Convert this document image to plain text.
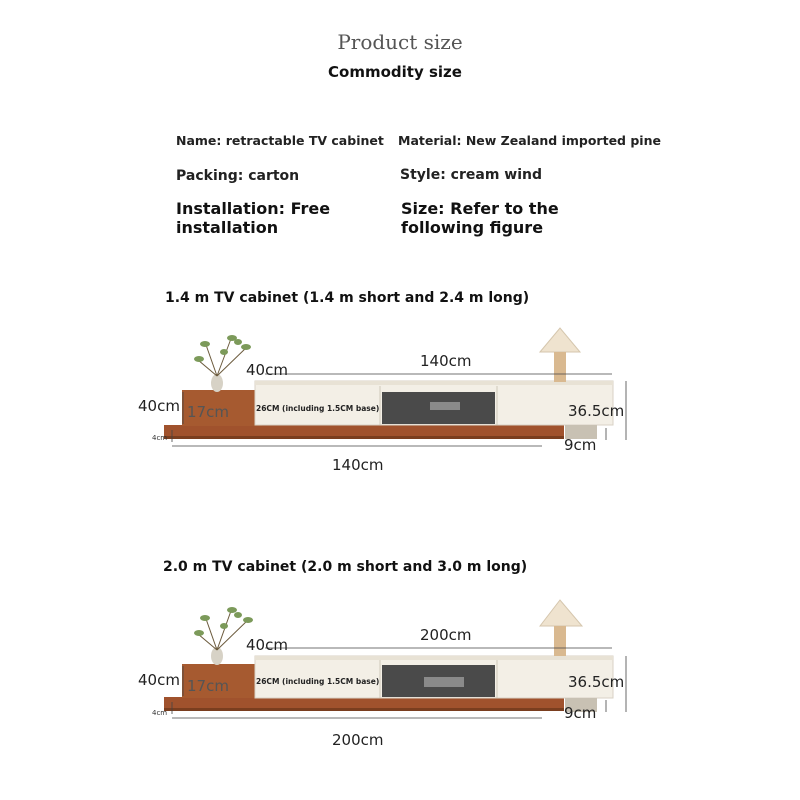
Product size
Commodity size
Name: retractable TV cabinet Material: New Zealand imported pine
Packing: carton	Style: cream wind
Installation: Free installation
Size: Refer to the following figure
1.4 m TV cabinet (1.4 m short and 2.4 m long)
140cm
40cm
40cm 17cm	26CM (including 1.5CM base)	36.5cm
9cm
4cm
140cm
2.0 m TV cabinet (2.0 m short and 3.0 m long)
200cm
40cm
40cm 17cm	26CM (including 1.5CM base)	36.5cm
9cm
4cm
200cm
